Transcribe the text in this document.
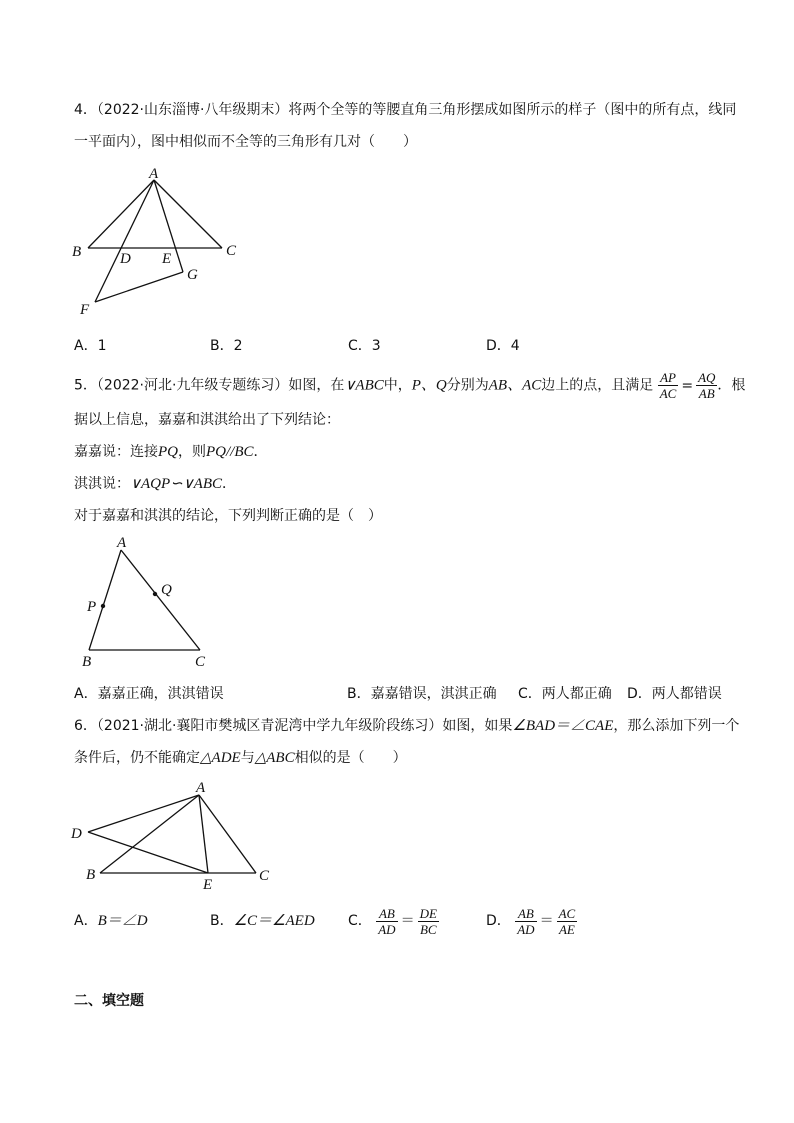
4．（2022·山东淄博·八年级期末）将两个全等的等腰直角三角形摆成如图所示的样子（图中的所有点，线同
一平面内），图中相似而不全等的三角形有几对（　　）
A
B	C
D E
F
G
A．1	B．2	C．3	D．4
5．（2022·河北·九年级专题练习）如图，在∨ABC中，P、Q分别为AB、AC边上的点，且满足 $\frac{AP}{AC} = \frac{AQ}{AB}$ ．根
据以上信息，嘉嘉和淇淇给出了下列结论：
嘉嘉说：连接PQ，则PQ//BC．
淇淇说：∨AQP∽∨ABC．
对于嘉嘉和淇淇的结论，下列判断正确的是（　）
A
P
Q
B	C
A．嘉嘉正确，淇淇错误	B．嘉嘉错误，淇淇正确 C．两人都正确 D．两人都错误
6．（2021·湖北·襄阳市樊城区青泥湾中学九年级阶段练习）如图，如果∠BAD＝∠CAE，那么添加下列一个
条件后，仍不能确定△ADE与△ABC相似的是（　　）
A
D
B
E
C
A．B＝∠D	B．∠C＝∠AED C． $\frac{AB}{AD} = \frac{DE}{BC}$	D． $\frac{AB}{AD} = \frac{AC}{AE}$
二、填空题
